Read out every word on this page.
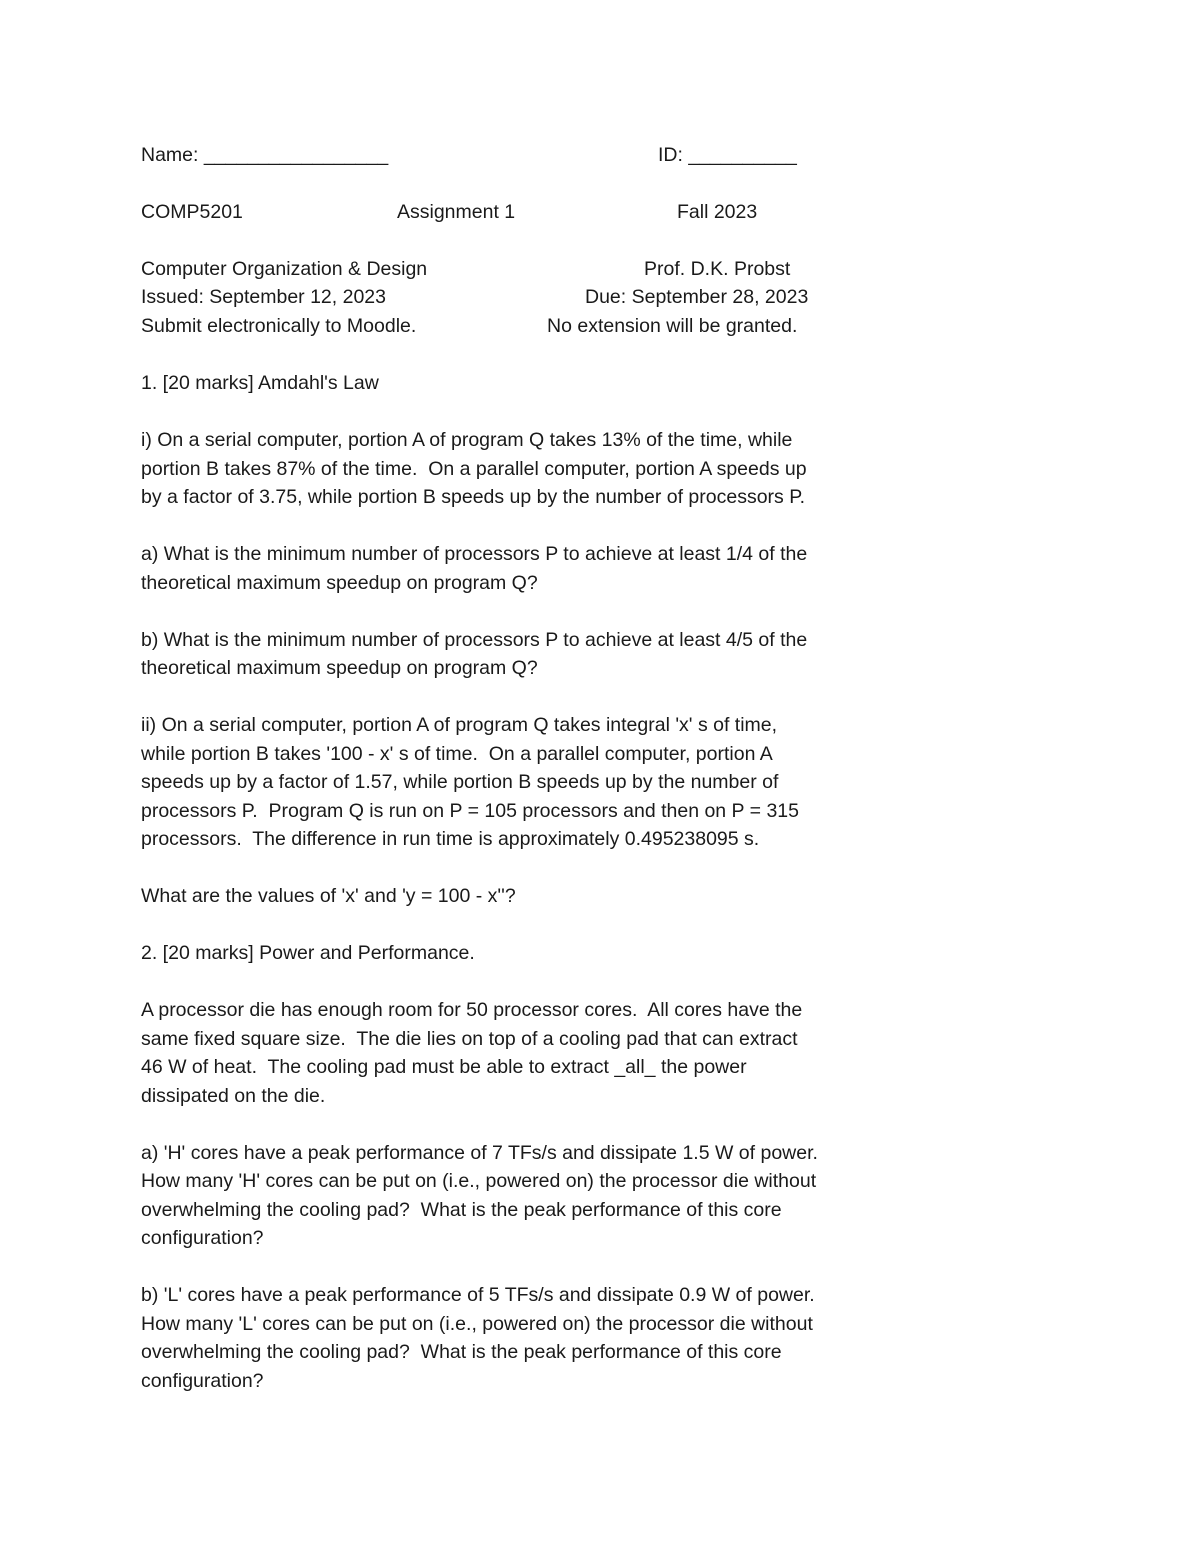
Name: _________________	ID: __________
COMP5201	Assignment 1	Fall 2023
Computer Organization & Design	Prof. D.K. Probst
Issued: September 12, 2023	Due: September 28, 2023
Submit electronically to Moodle.	No extension will be granted.
1. [20 marks] Amdahl's Law
i) On a serial computer, portion A of program Q takes 13% of the time, while
portion B takes 87% of the time.  On a parallel computer, portion A speeds up
by a factor of 3.75, while portion B speeds up by the number of processors P.
a) What is the minimum number of processors P to achieve at least 1/4 of the
theoretical maximum speedup on program Q?
b) What is the minimum number of processors P to achieve at least 4/5 of the
theoretical maximum speedup on program Q?
ii) On a serial computer, portion A of program Q takes integral 'x' s of time,
while portion B takes '100 - x' s of time.  On a parallel computer, portion A
speeds up by a factor of 1.57, while portion B speeds up by the number of
processors P.  Program Q is run on P = 105 processors and then on P = 315
processors.  The difference in run time is approximately 0.495238095 s.
What are the values of 'x' and 'y = 100 - x''?
2. [20 marks] Power and Performance.
A processor die has enough room for 50 processor cores.  All cores have the
same fixed square size.  The die lies on top of a cooling pad that can extract
46 W of heat.  The cooling pad must be able to extract _all_ the power
dissipated on the die.
a) 'H' cores have a peak performance of 7 TFs/s and dissipate 1.5 W of power.
How many 'H' cores can be put on (i.e., powered on) the processor die without
overwhelming the cooling pad?  What is the peak performance of this core
configuration?
b) 'L' cores have a peak performance of 5 TFs/s and dissipate 0.9 W of power.
How many 'L' cores can be put on (i.e., powered on) the processor die without
overwhelming the cooling pad?  What is the peak performance of this core
configuration?
